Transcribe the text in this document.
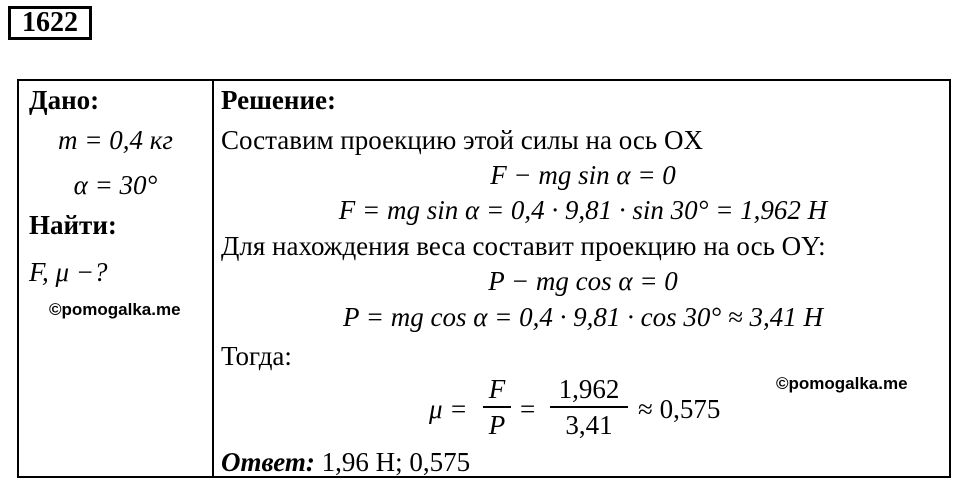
1622
Дано:
m = 0,4 кг
α = 30°
Найти:
F, μ −?
©pomogalka.me
Решение:
Составим проекцию этой силы на ось OX
F − mg sin α = 0
F = mg sin α = 0,4 · 9,81 · sin 30° = 1,962 Н
Для нахождения веса составит проекцию на ось OY:
P − mg cos α = 0
P = mg cos α = 0,4 · 9,81 · cos 30° ≈ 3,41 Н
Тогда:
©pomogalka.me
μ =
F
P
=
1,962
3,41
≈ 0,575
Ответ: 1,96 Н; 0,575
